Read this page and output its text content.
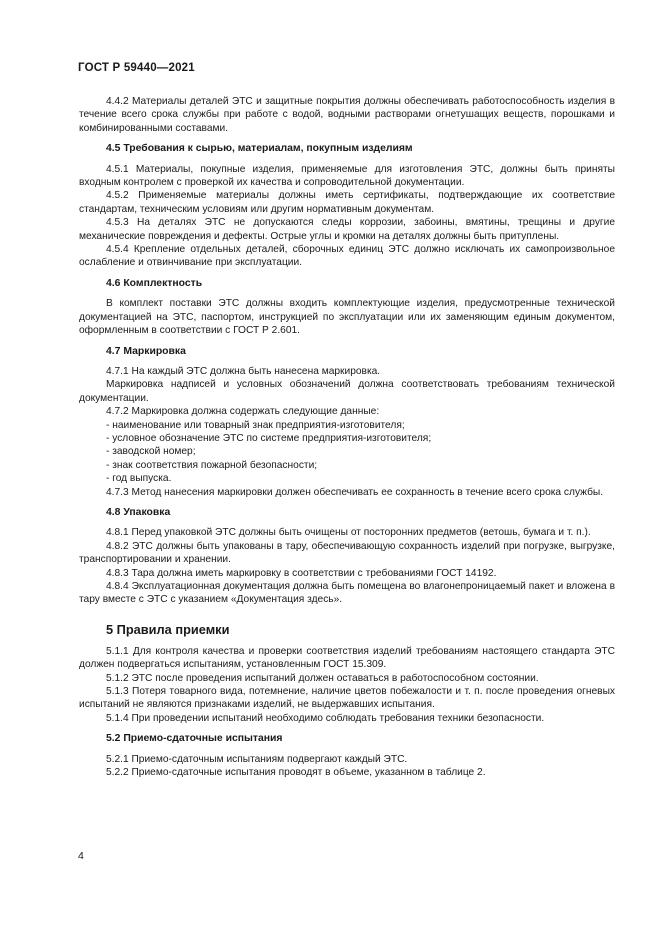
ГОСТ Р 59440—2021

4.4.2 Материалы деталей ЭТС и защитные покрытия должны обеспечивать работоспособность изделия в течение всего срока службы при работе с водой, водными растворами огнетушащих веществ, порошками и комбинированными составами.

4.5 Требования к сырью, материалам, покупным изделиям

4.5.1 Материалы, покупные изделия, применяемые для изготовления ЭТС, должны быть приняты входным контролем с проверкой их качества и сопроводительной документации.

4.5.2 Применяемые материалы должны иметь сертификаты, подтверждающие их соответствие стандартам, техническим условиям или другим нормативным документам.

4.5.3 На деталях ЭТС не допускаются следы коррозии, забоины, вмятины, трещины и другие механические повреждения и дефекты. Острые углы и кромки на деталях должны быть притуплены.

4.5.4 Крепление отдельных деталей, сборочных единиц ЭТС должно исключать их самопроизвольное ослабление и отвинчивание при эксплуатации.

4.6 Комплектность

В комплект поставки ЭТС должны входить комплектующие изделия, предусмотренные технической документацией на ЭТС, паспортом, инструкцией по эксплуатации или их заменяющим единым документом, оформленным в соответствии с ГОСТ Р 2.601.

4.7 Маркировка

4.7.1 На каждый ЭТС должна быть нанесена маркировка.

Маркировка надписей и условных обозначений должна соответствовать требованиям технической документации.

4.7.2 Маркировка должна содержать следующие данные:

- наименование или товарный знак предприятия-изготовителя;

- условное обозначение ЭТС по системе предприятия-изготовителя;

- заводской номер;

- знак соответствия пожарной безопасности;

- год выпуска.

4.7.3 Метод нанесения маркировки должен обеспечивать ее сохранность в течение всего срока службы.

4.8 Упаковка

4.8.1 Перед упаковкой ЭТС должны быть очищены от посторонних предметов (ветошь, бумага и т. п.).

4.8.2 ЭТС должны быть упакованы в тару, обеспечивающую сохранность изделий при погрузке, выгрузке, транспортировании и хранении.

4.8.3 Тара должна иметь маркировку в соответствии с требованиями ГОСТ 14192.

4.8.4 Эксплуатационная документация должна быть помещена во влагонепроницаемый пакет и вложена в тару вместе с ЭТС с указанием «Документация здесь».

5 Правила приемки

5.1.1 Для контроля качества и проверки соответствия изделий требованиям настоящего стандарта ЭТС должен подвергаться испытаниям, установленным ГОСТ 15.309.

5.1.2 ЭТС после проведения испытаний должен оставаться в работоспособном состоянии.

5.1.3 Потеря товарного вида, потемнение, наличие цветов побежалости и т. п. после проведения огневых испытаний не являются признаками изделий, не выдержавших испытания.

5.1.4 При проведении испытаний необходимо соблюдать требования техники безопасности.

5.2 Приемо-сдаточные испытания

5.2.1 Приемо-сдаточным испытаниям подвергают каждый ЭТС.

5.2.2 Приемо-сдаточные испытания проводят в объеме, указанном в таблице 2.

4
